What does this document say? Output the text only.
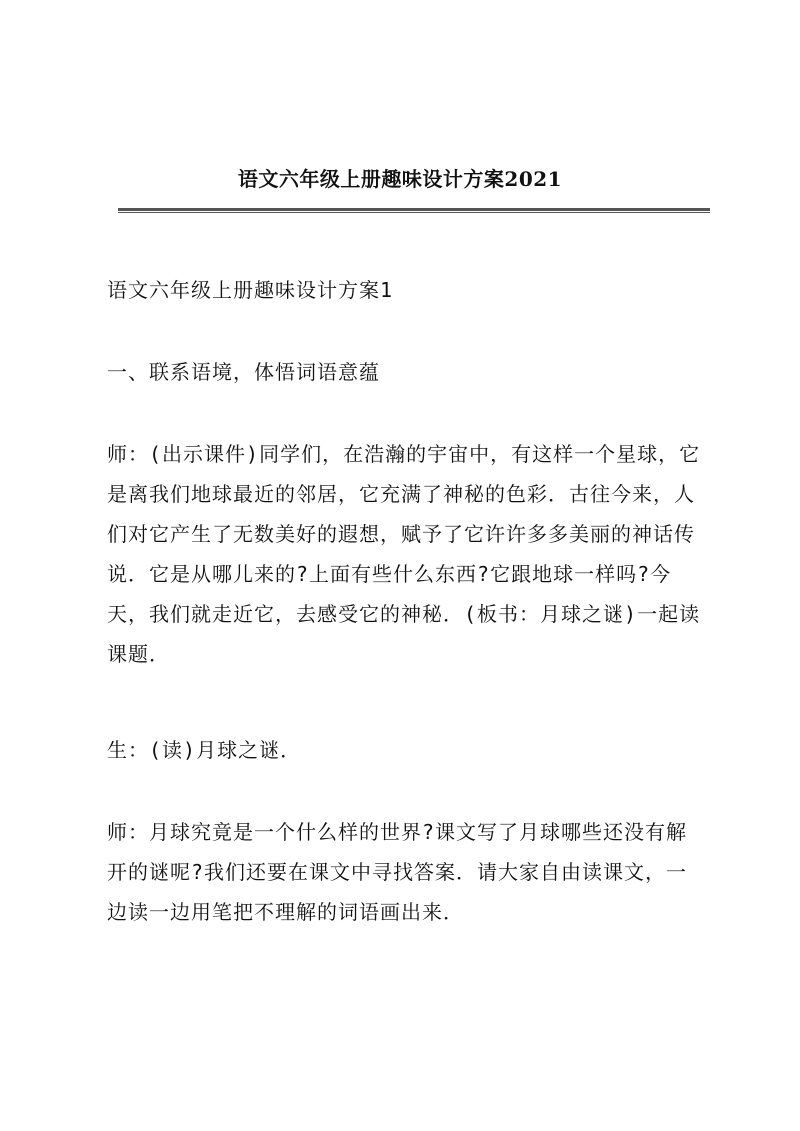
语文六年级上册趣味设计方案2021
语文六年级上册趣味设计方案1
一、联系语境，体悟词语意蕴
师：(出示课件)同学们，在浩瀚的宇宙中，有这样一个星球，它是离我们地球最近的邻居，它充满了神秘的色彩．古往今来，人们对它产生了无数美好的遐想，赋予了它许许多多美丽的神话传说．它是从哪儿来的?上面有些什么东西?它跟地球一样吗?今天，我们就走近它，去感受它的神秘．(板书：月球之谜)一起读课题．
生：(读)月球之谜．
师：月球究竟是一个什么样的世界?课文写了月球哪些还没有解开的谜呢?我们还要在课文中寻找答案．请大家自由读课文，一边读一边用笔把不理解的词语画出来．
